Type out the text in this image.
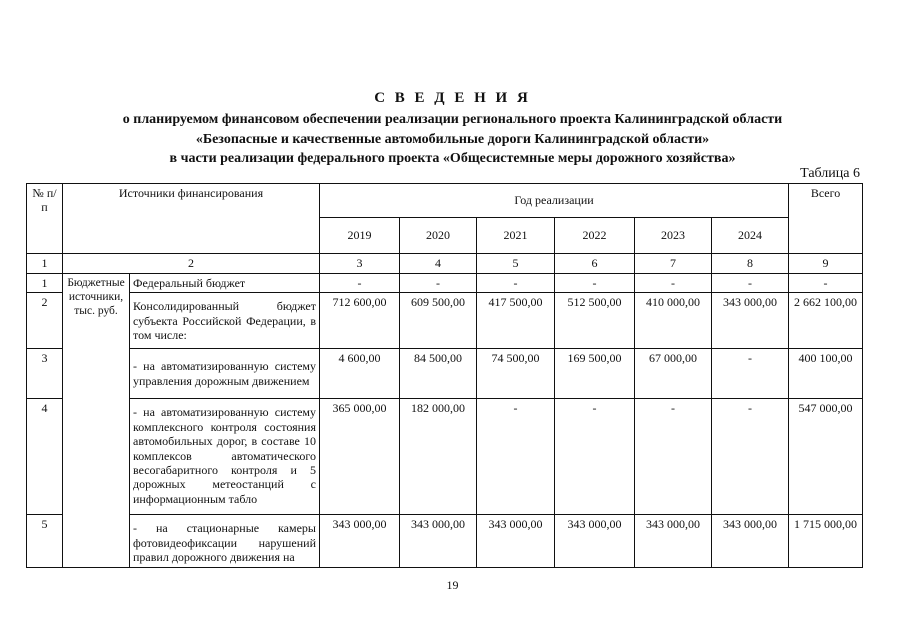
С В Е Д Е Н И Я
о планируемом финансовом обеспечении реализации регионального проекта Калининградской области
«Безопасные и качественные автомобильные дороги Калининградской области»
в части реализации федерального проекта «Общесистемные меры дорожного хозяйства»
Таблица 6
№ п/п	Источники финансирования		Год реализации						Всего
			2019	2020	2021	2022	2023	2024	
1	2		3	4	5	6	7	8	9
1	Бюджетные источники, тыс. руб.	Федеральный бюджет	-	-	-	-	-	-	-
2		Консолидированный бюджет субъекта Российской Федерации, в том числе:	712 600,00	609 500,00	417 500,00	512 500,00	410 000,00	343 000,00	2 662 100,00
3		- на автоматизированную систему управления дорожным движением	4 600,00	84 500,00	74 500,00	169 500,00	67 000,00	-	400 100,00
4		- на автоматизированную систему комплексного контроля состояния автомобильных дорог, в составе 10 комплексов автоматического весогабаритного контроля и 5 дорожных метеостанций с информационным табло	365 000,00	182 000,00	-	-	-	-	547 000,00
5		- на стационарные камеры фотовидеофиксации нарушений правил дорожного движения на	343 000,00	343 000,00	343 000,00	343 000,00	343 000,00	343 000,00	1 715 000,00
19
